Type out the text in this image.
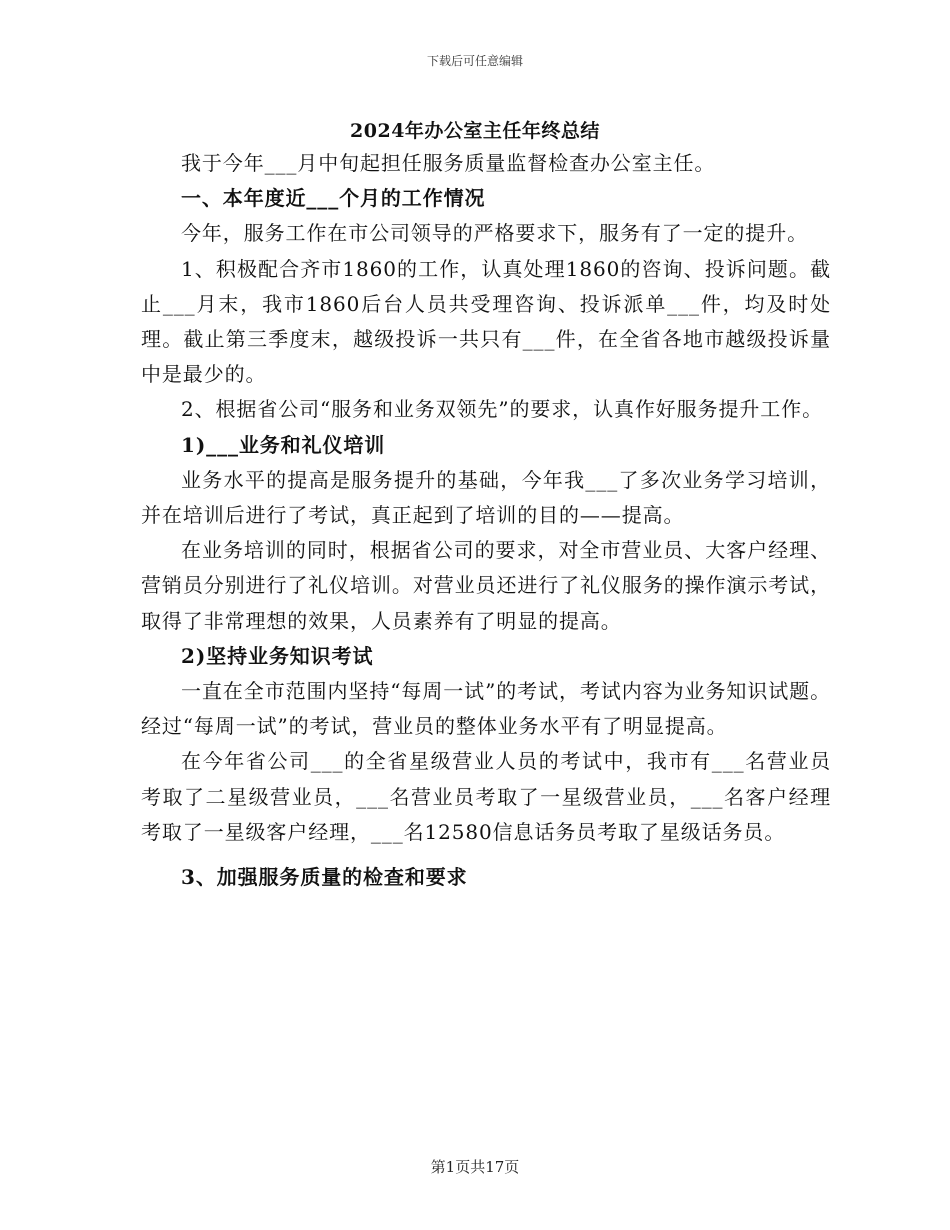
下载后可任意编辑
2024年办公室主任年终总结

我于今年___月中旬起担任服务质量监督检查办公室主任。

一、本年度近___个月的工作情况

今年，服务工作在市公司领导的严格要求下，服务有了一定的提升。

1、积极配合齐市1860的工作，认真处理1860的咨询、投诉问题。截止___月末，我市1860后台人员共受理咨询、投诉派单___件，均及时处理。截止第三季度末，越级投诉一共只有___件，在全省各地市越级投诉量中是最少的。

2、根据省公司“服务和业务双领先”的要求，认真作好服务提升工作。

1)___业务和礼仪培训

业务水平的提高是服务提升的基础，今年我___了多次业务学习培训，并在培训后进行了考试，真正起到了培训的目的——提高。

在业务培训的同时，根据省公司的要求，对全市营业员、大客户经理、营销员分别进行了礼仪培训。对营业员还进行了礼仪服务的操作演示考试，取得了非常理想的效果，人员素养有了明显的提高。

2)坚持业务知识考试

一直在全市范围内坚持“每周一试”的考试，考试内容为业务知识试题。经过“每周一试”的考试，营业员的整体业务水平有了明显提高。

在今年省公司___的全省星级营业人员的考试中，我市有___名营业员考取了二星级营业员，___名营业员考取了一星级营业员，___名客户经理考取了一星级客户经理，___名12580信息话务员考取了星级话务员。

3、加强服务质量的检查和要求

第1页共17页
